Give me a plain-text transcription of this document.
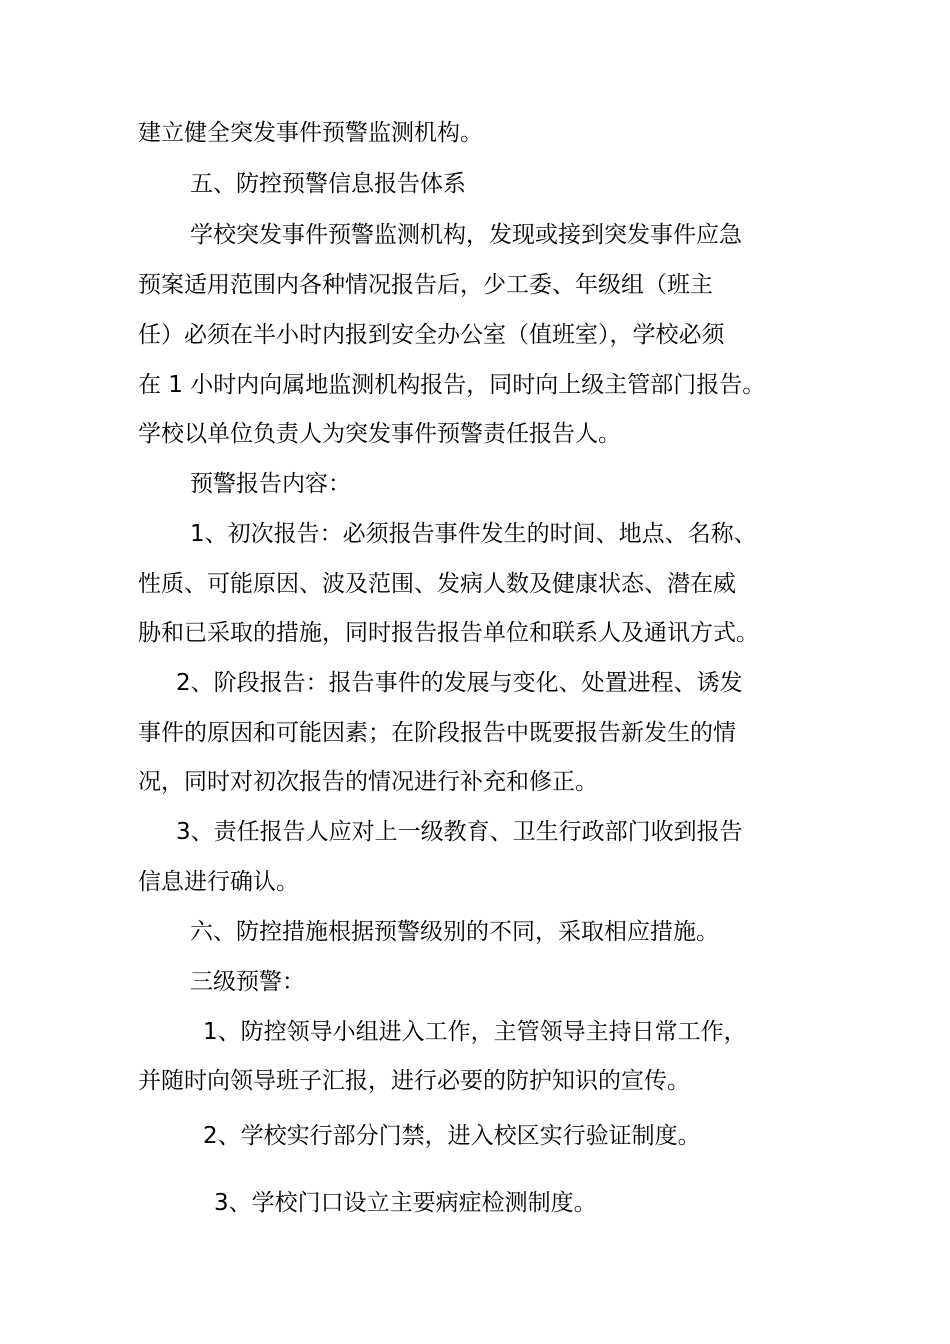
建立健全突发事件预警监测机构。
五、防控预警信息报告体系
学校突发事件预警监测机构，发现或接到突发事件应急
预案适用范围内各种情况报告后，少工委、年级组（班主
任）必须在半小时内报到安全办公室（值班室），学校必须
在 1 小时内向属地监测机构报告，同时向上级主管部门报告。
学校以单位负责人为突发事件预警责任报告人。
预警报告内容：
1、初次报告：必须报告事件发生的时间、地点、名称、
性质、可能原因、波及范围、发病人数及健康状态、潜在威
胁和已采取的措施，同时报告报告单位和联系人及通讯方式。
2、阶段报告：报告事件的发展与变化、处置进程、诱发
事件的原因和可能因素；在阶段报告中既要报告新发生的情
况，同时对初次报告的情况进行补充和修正。
3、责任报告人应对上一级教育、卫生行政部门收到报告
信息进行确认。
六、防控措施根据预警级别的不同，采取相应措施。
三级预警：
1、防控领导小组进入工作，主管领导主持日常工作，
并随时向领导班子汇报，进行必要的防护知识的宣传。
2、学校实行部分门禁，进入校区实行验证制度。
3、学校门口设立主要病症检测制度。
